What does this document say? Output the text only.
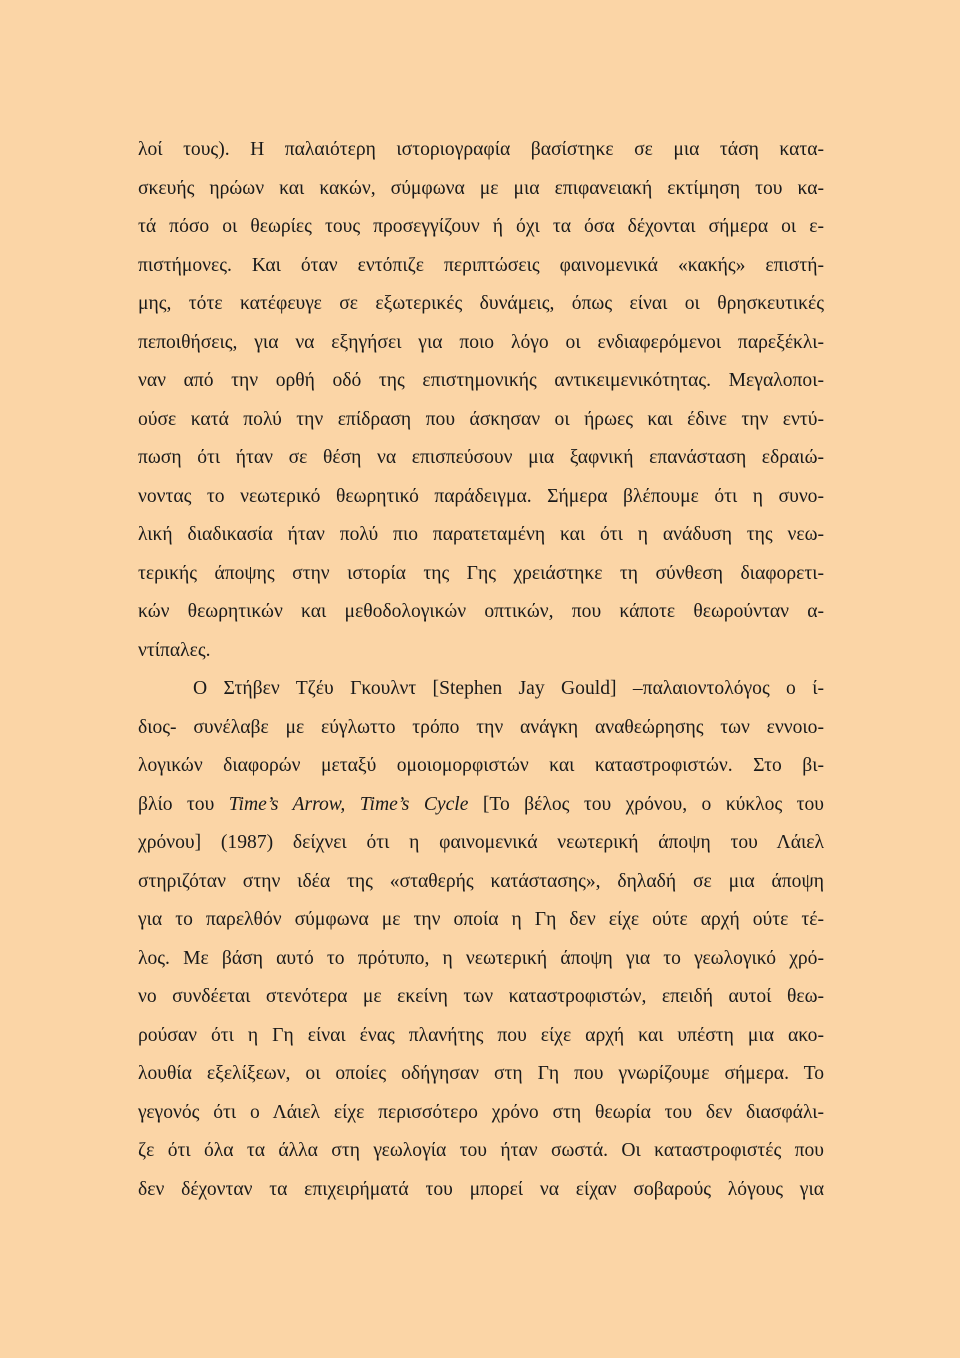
λοί τους). Η παλαιότερη ιστοριογραφία βασίστηκε σε μια τάση κατα-
σκευής ηρώων και κακών, σύμφωνα με μια επιφανειακή εκτίμηση του κα-
τά πόσο οι θεωρίες τους προσεγγίζουν ή όχι τα όσα δέχονται σήμερα οι ε-
πιστήμονες. Και όταν εντόπιζε περιπτώσεις φαινομενικά «κακής» επιστή-
μης, τότε κατέφευγε σε εξωτερικές δυνάμεις, όπως είναι οι θρησκευτικές
πεποιθήσεις, για να εξηγήσει για ποιο λόγο οι ενδιαφερόμενοι παρεξέκλι-
ναν από την ορθή οδό της επιστημονικής αντικειμενικότητας. Μεγαλοποι-
ούσε κατά πολύ την επίδραση που άσκησαν οι ήρωες και έδινε την εντύ-
πωση ότι ήταν σε θέση να επισπεύσουν μια ξαφνική επανάσταση εδραιώ-
νοντας το νεωτερικό θεωρητικό παράδειγμα. Σήμερα βλέπουμε ότι η συνο-
λική διαδικασία ήταν πολύ πιο παρατεταμένη και ότι η ανάδυση της νεω-
τερικής άποψης στην ιστορία της Γης χρειάστηκε τη σύνθεση διαφορετι-
κών θεωρητικών και μεθοδολογικών οπτικών, που κάποτε θεωρούνταν α-
ντίπαλες.
Ο Στήβεν Τζέυ Γκουλντ [Stephen Jay Gould] –παλαιοντολόγος ο ί-
διος- συνέλαβε με εύγλωττο τρόπο την ανάγκη αναθεώρησης των εννοιο-
λογικών διαφορών μεταξύ ομοιομορφιστών και καταστροφιστών. Στο βι-
βλίο του Time’s Arrow, Time’s Cycle [Το βέλος του χρόνου, ο κύκλος του
χρόνου] (1987) δείχνει ότι η φαινομενικά νεωτερική άποψη του Λάιελ
στηριζόταν στην ιδέα της «σταθερής κατάστασης», δηλαδή σε μια άποψη
για το παρελθόν σύμφωνα με την οποία η Γη δεν είχε ούτε αρχή ούτε τέ-
λος. Με βάση αυτό το πρότυπο, η νεωτερική άποψη για το γεωλογικό χρό-
νο συνδέεται στενότερα με εκείνη των καταστροφιστών, επειδή αυτοί θεω-
ρούσαν ότι η Γη είναι ένας πλανήτης που είχε αρχή και υπέστη μια ακο-
λουθία εξελίξεων, οι οποίες οδήγησαν στη Γη που γνωρίζουμε σήμερα. Το
γεγονός ότι ο Λάιελ είχε περισσότερο χρόνο στη θεωρία του δεν διασφάλι-
ζε ότι όλα τα άλλα στη γεωλογία του ήταν σωστά. Οι καταστροφιστές που
δεν δέχονταν τα επιχειρήματά του μπορεί να είχαν σοβαρούς λόγους για
